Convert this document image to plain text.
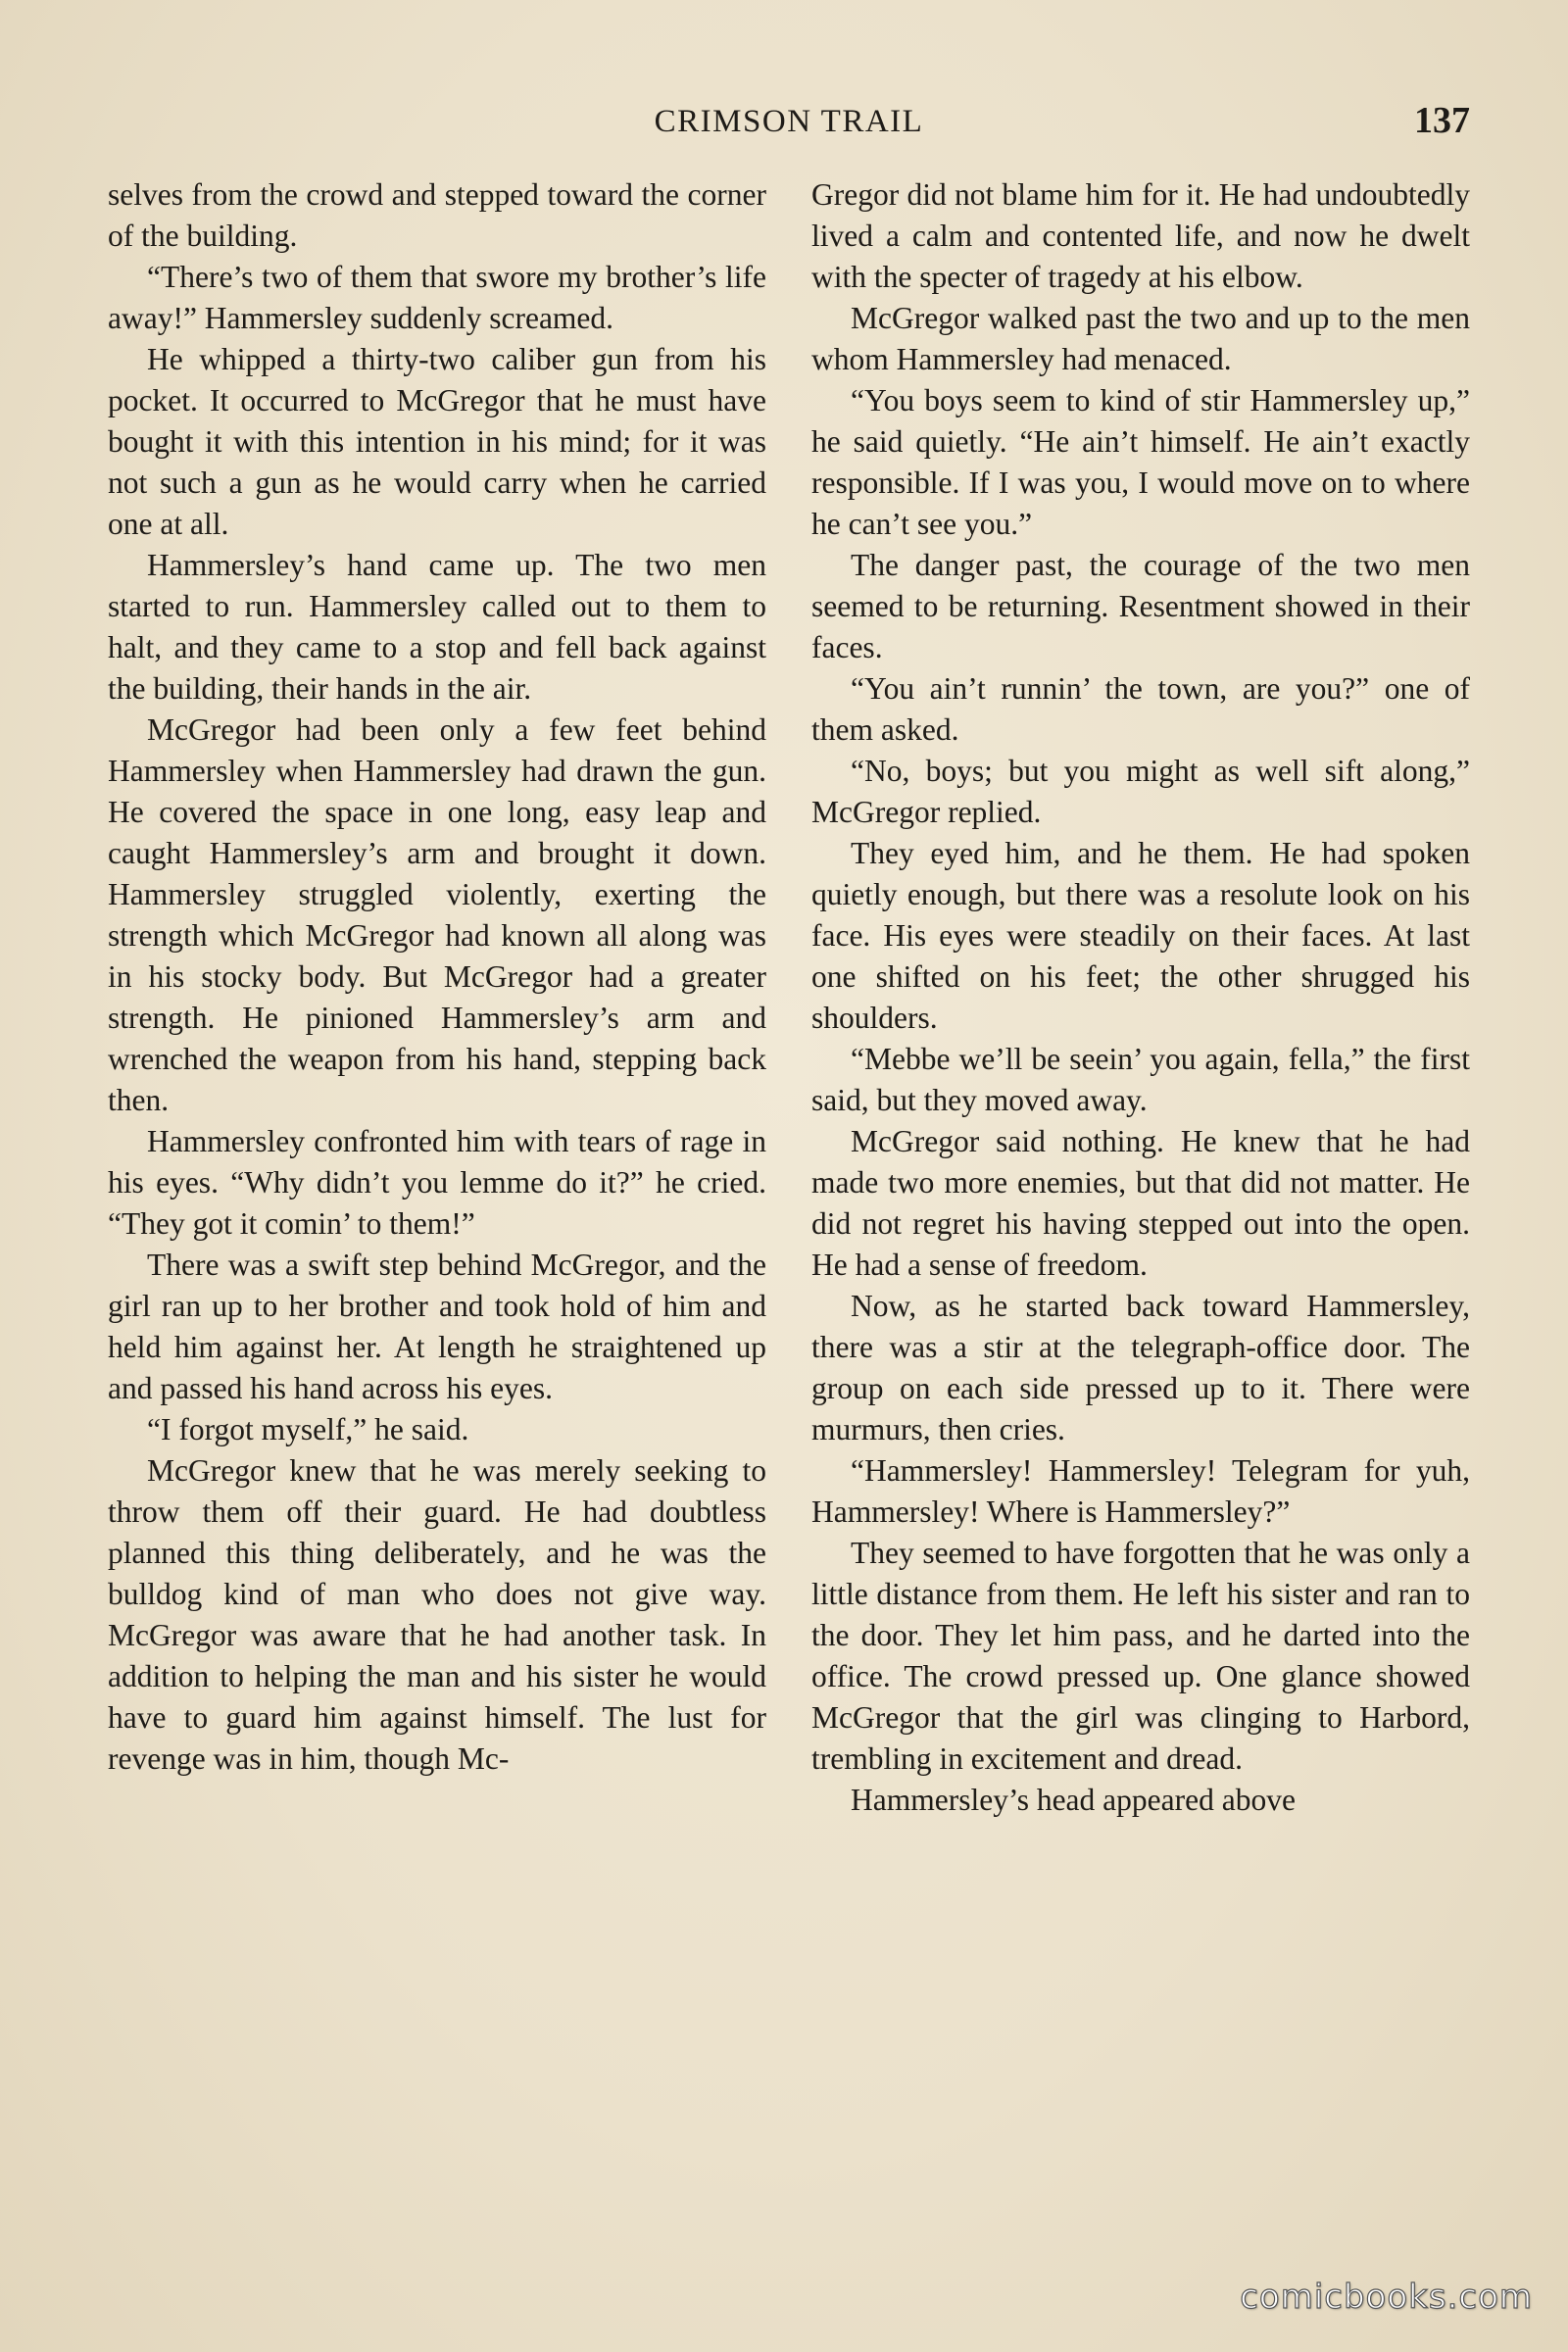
CRIMSON TRAIL	137

selves from the crowd and stepped toward the corner of the building.

“There’s two of them that swore my brother’s life away!” Hammersley suddenly screamed.

He whipped a thirty-two caliber gun from his pocket. It occurred to McGregor that he must have bought it with this intention in his mind; for it was not such a gun as he would carry when he carried one at all.

Hammersley’s hand came up. The two men started to run. Hammersley called out to them to halt, and they came to a stop and fell back against the building, their hands in the air.

McGregor had been only a few feet behind Hammersley when Hammersley had drawn the gun. He covered the space in one long, easy leap and caught Hammersley’s arm and brought it down. Hammersley struggled violently, exerting the strength which McGregor had known all along was in his stocky body. But McGregor had a greater strength. He pinioned Hammersley’s arm and wrenched the weapon from his hand, stepping back then.

Hammersley confronted him with tears of rage in his eyes. “Why didn’t you lemme do it?” he cried. “They got it comin’ to them!”

There was a swift step behind McGregor, and the girl ran up to her brother and took hold of him and held him against her. At length he straightened up and passed his hand across his eyes.

“I forgot myself,” he said.

McGregor knew that he was merely seeking to throw them off their guard. He had doubtless planned this thing deliberately, and he was the bulldog kind of man who does not give way. McGregor was aware that he had another task. In addition to helping the man and his sister he would have to guard him against himself. The lust for revenge was in him, though Mc-

Gregor did not blame him for it. He had undoubtedly lived a calm and contented life, and now he dwelt with the specter of tragedy at his elbow.

McGregor walked past the two and up to the men whom Hammersley had menaced.

“You boys seem to kind of stir Hammersley up,” he said quietly. “He ain’t himself. He ain’t exactly responsible. If I was you, I would move on to where he can’t see you.”

The danger past, the courage of the two men seemed to be returning. Resentment showed in their faces.

“You ain’t runnin’ the town, are you?” one of them asked.

“No, boys; but you might as well sift along,” McGregor replied.

They eyed him, and he them. He had spoken quietly enough, but there was a resolute look on his face. His eyes were steadily on their faces. At last one shifted on his feet; the other shrugged his shoulders.

“Mebbe we’ll be seein’ you again, fella,” the first said, but they moved away.

McGregor said nothing. He knew that he had made two more enemies, but that did not matter. He did not regret his having stepped out into the open. He had a sense of freedom.

Now, as he started back toward Hammersley, there was a stir at the telegraph-office door. The group on each side pressed up to it. There were murmurs, then cries.

“Hammersley! Hammersley! Telegram for yuh, Hammersley! Where is Hammersley?”

They seemed to have forgotten that he was only a little distance from them. He left his sister and ran to the door. They let him pass, and he darted into the office. The crowd pressed up. One glance showed McGregor that the girl was clinging to Harbord, trembling in excitement and dread.

Hammersley’s head appeared above

comicbooks.com
